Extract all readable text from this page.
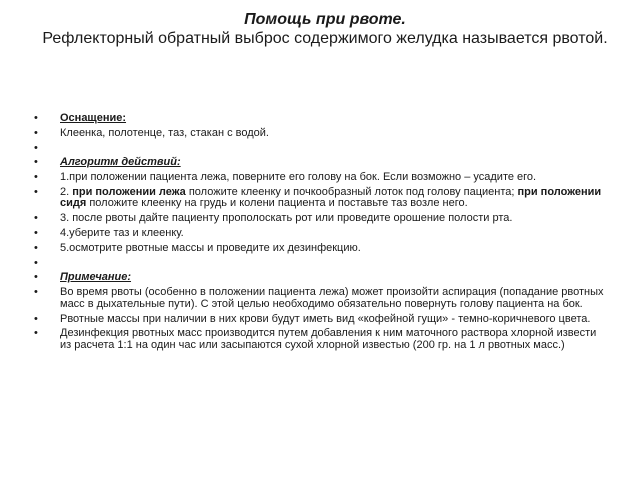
Помощь при рвоте.
Рефлекторный обратный выброс содержимого желудка называется рвотой.
• Оснащение:
• Клеенка, полотенце, таз, стакан с водой.
•
• Алгоритм действий:
• 1.при положении пациента лежа, поверните его голову на бок. Если возможно – усадите его.
• 2. при положении лежа положите клеенку и почкообразный лоток под голову пациента; при положении сидя положите клеенку на грудь и колени пациента и поставьте таз возле него.
• 3. после рвоты дайте пациенту прополоскать рот или проведите орошение полости рта.
• 4.уберите таз и клеенку.
• 5.осмотрите рвотные массы и проведите их дезинфекцию.
•
• Примечание:
• Во время рвоты (особенно в положении пациента лежа) может произойти аспирация (попадание рвотных масс в дыхательные пути). С этой целью необходимо обязательно повернуть голову пациента на бок.
• Рвотные массы при наличии в них крови будут иметь вид «кофейной гущи» - темно-коричневого цвета.
• Дезинфекция рвотных масс производится путем добавления к ним маточного раствора хлорной извести из расчета 1:1 на один час или засыпаются сухой хлорной известью (200 гр. на 1 л рвотных масс.)
